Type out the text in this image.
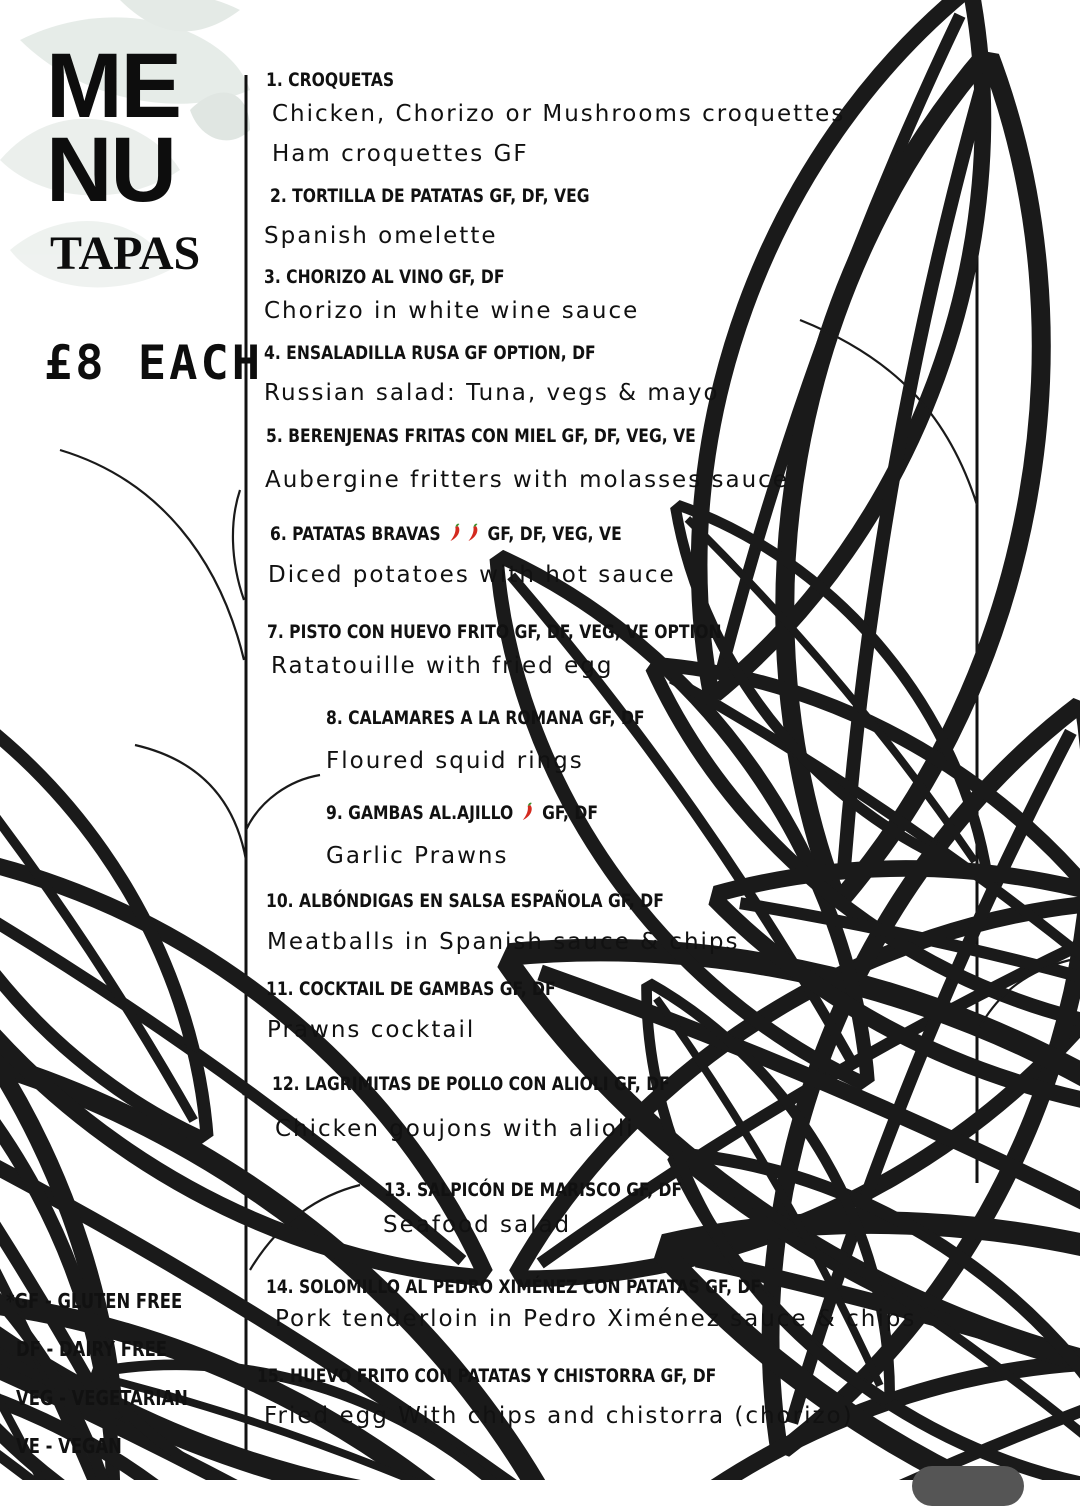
ME
NU
TAPAS
£8 EACH
1. CROQUETAS
Chicken, Chorizo or Mushrooms croquettes
Ham croquettes GF
2. TORTILLA DE PATATAS GF, DF, VEG
Spanish omelette
3. CHORIZO AL VINO GF, DF
Chorizo in white wine sauce
4. ENSALADILLA RUSA GF OPTION, DF
Russian salad: Tuna, vegs & mayo
5. BERENJENAS FRITAS CON MIEL GF, DF, VEG, VE
Aubergine fritters with molasses sauce
6. PATATAS BRAVAS GF, DF, VEG, VE
Diced potatoes with hot sauce
7. PISTO CON HUEVO FRITO GF, DF, VEG, VE OPTION
Ratatouille with fried egg
8. CALAMARES A LA ROMANA GF, DF
Floured squid rings
9. GAMBAS AL.AJILLO GF, DF
Garlic Prawns
10. ALBÓNDIGAS EN SALSA ESPAÑOLA GF, DF
Meatballs in Spanish sauce & chips
11. COCKTAIL DE GAMBAS GF, DF
Prawns cocktail
12. LAGRIMITAS DE POLLO CON ALIOLI GF, DF
Chicken goujons with alioli
13. SALPICÓN DE MARISCO GF, DF
Seafood salad
14. SOLOMILLO AL PEDRO XIMÉNEZ CON PATATAS GF, DF
Pork tenderloin in Pedro Ximénez sauce & chips
15. HUEVO FRITO CON PATATAS Y CHISTORRA GF, DF
Fried egg With chips and chistorra (chorizo)
*GF - GLUTEN FREE
DF - DAIRY FREE
VEG - VEGETARIAN
VE - VEGAN
